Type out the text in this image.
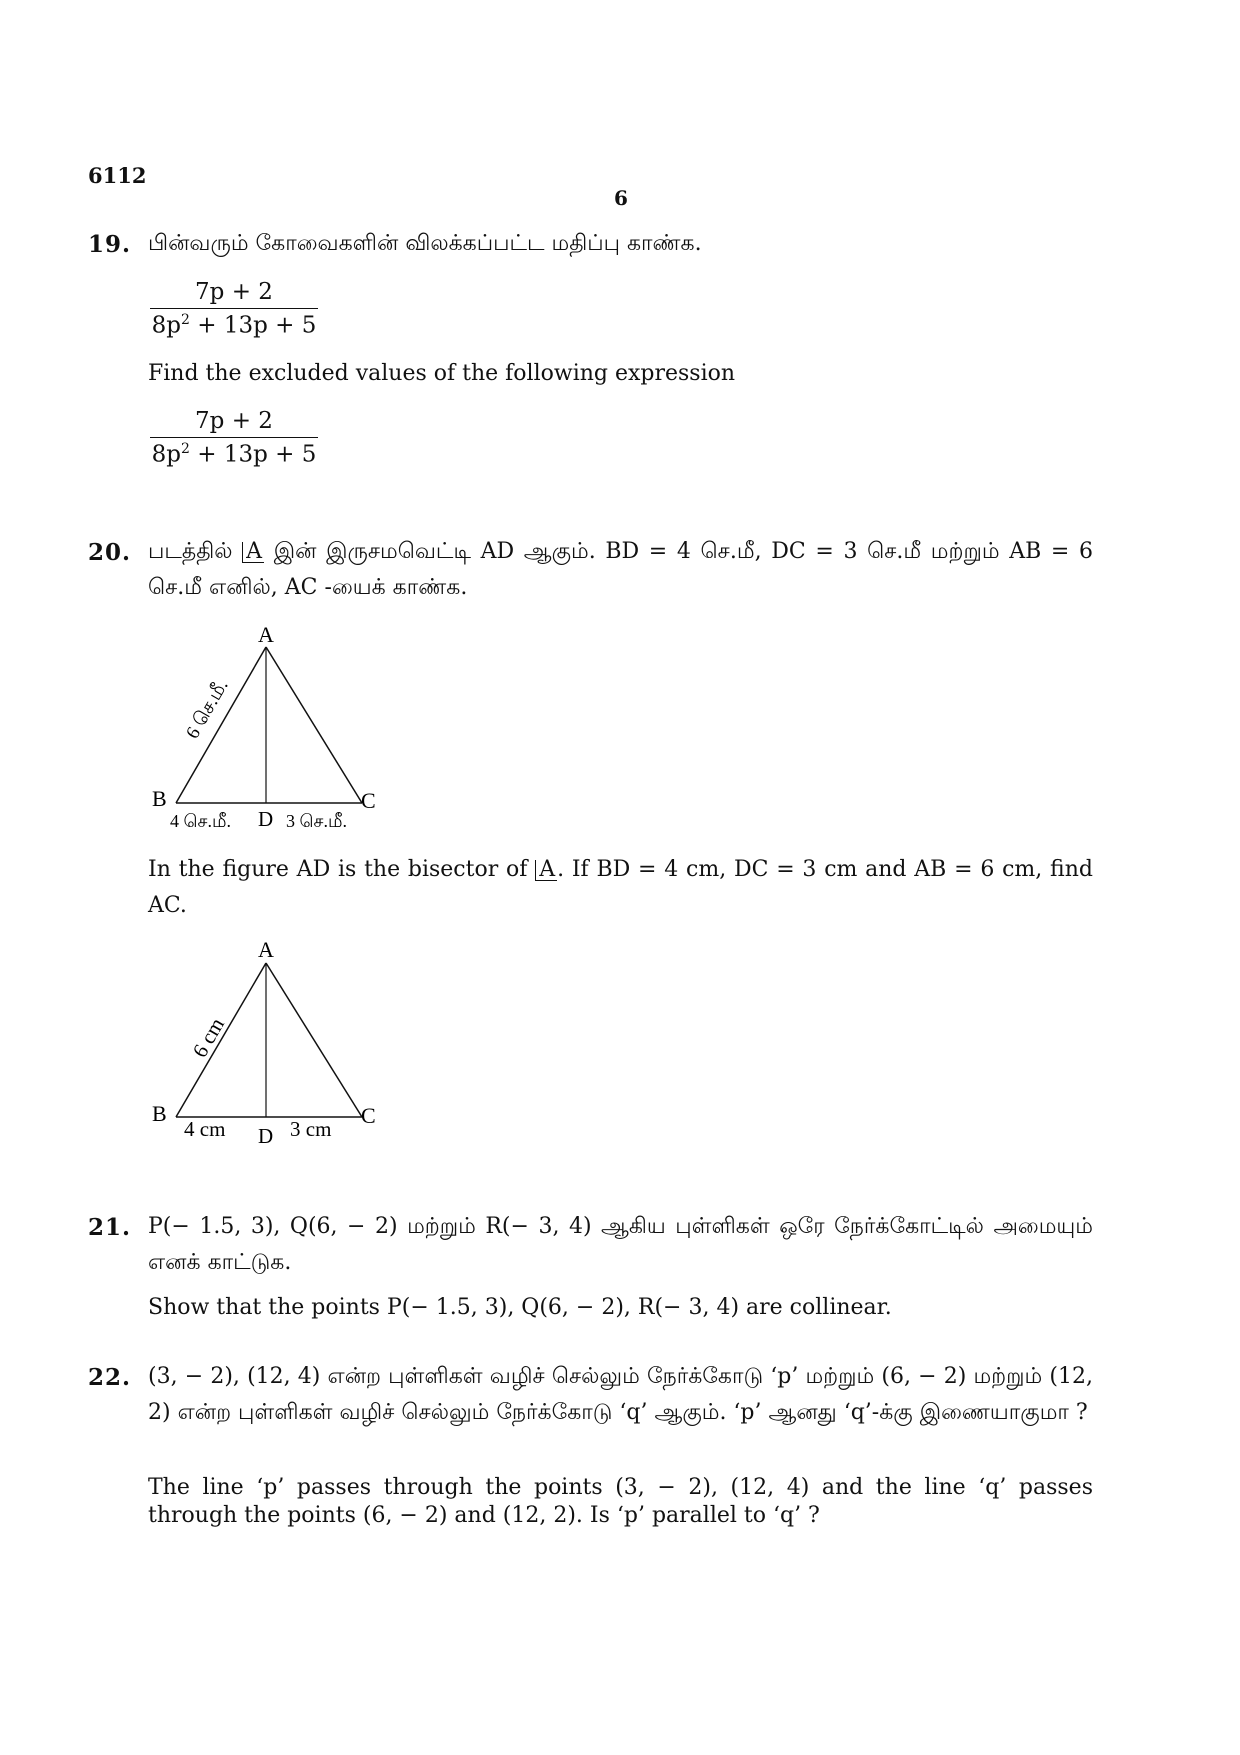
6112
6
19. பின்வரும் கோவைகளின் விலக்கப்பட்ட மதிப்பு காண்க.
$\frac{7p + 2}{8p^2 + 13p + 5}$
Find the excluded values of the following expression
$\frac{7p + 2}{8p^2 + 13p + 5}$
20. படத்தில் A இன் இருசமவெட்டி AD ஆகும். BD = 4 செ.மீ, DC = 3 செ.மீ மற்றும் AB = 6 செ.மீ எனில், AC -யைக் காண்க.
A
B	C
D
4 செ.மீ.	3 செ.மீ.
6 செ.மீ.
In the figure AD is the bisector of A. If BD = 4 cm, DC = 3 cm and AB = 6 cm, find AC.
A
B	C
D
4 cm	3 cm
6 cm
21. P(− 1.5, 3), Q(6, − 2) மற்றும் R(− 3, 4) ஆகிய புள்ளிகள் ஒரே நேர்க்கோட்டில் அமையும் எனக் காட்டுக.
Show that the points P(− 1.5, 3), Q(6, − 2), R(− 3, 4) are collinear.
22. (3, − 2), (12, 4) என்ற புள்ளிகள் வழிச் செல்லும் நேர்க்கோடு ‘p’ மற்றும் (6, − 2) மற்றும் (12, 2) என்ற புள்ளிகள் வழிச் செல்லும் நேர்க்கோடு ‘q’ ஆகும். ‘p’ ஆனது ‘q’-க்கு இணையாகுமா ?
The line ‘p’ passes through the points (3, − 2), (12, 4) and the line ‘q’ passes through the points (6, − 2) and (12, 2). Is ‘p’ parallel to ‘q’ ?
